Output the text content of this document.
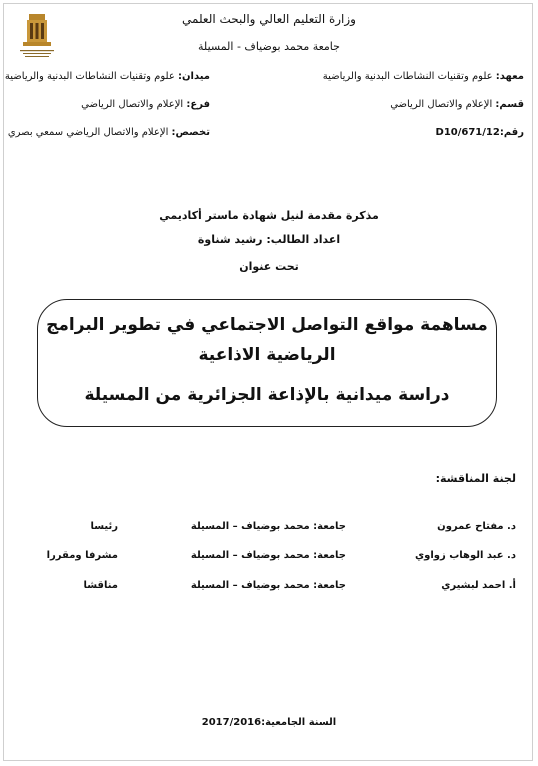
وزارة التعليم العالي والبحث العلمي
جامعة محمد بوضياف - المسيلة
معهد: علوم وتقنيات النشاطات البدنية والرياضية
ميدان: علوم وتقنيات النشاطات البدنية والرياضية
قسم: الإعلام والاتصال الرياضي
فرع: الإعلام والاتصال الرياضي
رقم:12/D10/671
تخصص: الإعلام والاتصال الرياضي سمعي بصري
مذكرة مقدمة لنيل شهادة ماستر أكاديمي
اعداد الطالب: رشيد شناوة
تحت عنوان
مساهمة مواقع التواصل الاجتماعي في تطوير البرامج
الرياضية الاذاعية
دراسة ميدانية بالإذاعة الجزائرية من المسيلة
لجنة المناقشة:
د. مفتاح عمرون
جامعة: محمد بوضياف – المسيلة
رئيسا
د. عبد الوهاب زواوي
جامعة: محمد بوضياف – المسيلة
مشرفا ومقررا
أ. احمد لبشيري
جامعة: محمد بوضياف – المسيلة
مناقشا
السنة الجامعية:2017/2016
